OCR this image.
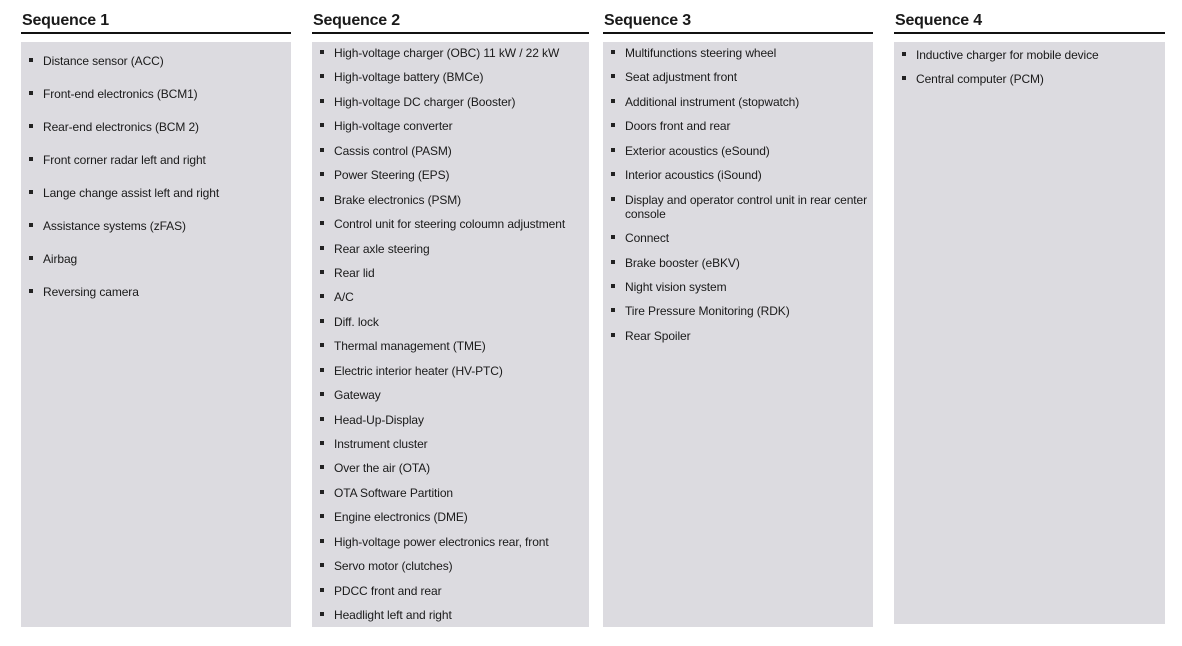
Sequence 1
Distance sensor (ACC)
Front-end electronics (BCM1)
Rear-end electronics (BCM 2)
Front corner radar left and right
Lange change assist left and right
Assistance systems (zFAS)
Airbag
Reversing camera
Sequence 2
High-voltage charger (OBC) 11 kW / 22 kW
High-voltage battery (BMCe)
High-voltage DC charger (Booster)
High-voltage converter
Cassis control (PASM)
Power Steering (EPS)
Brake electronics (PSM)
Control unit for steering coloumn adjustment
Rear axle steering
Rear lid
A/C
Diff. lock
Thermal management (TME)
Electric interior heater (HV-PTC)
Gateway
Head-Up-Display
Instrument cluster
Over the air (OTA)
OTA Software Partition
Engine electronics (DME)
High-voltage power electronics rear, front
Servo motor (clutches)
PDCC front and rear
Headlight left and right
Sequence 3
Multifunctions steering wheel
Seat adjustment front
Additional instrument (stopwatch)
Doors front and rear
Exterior acoustics (eSound)
Interior acoustics (iSound)
Display and operator control unit in rear center console
Connect
Brake booster (eBKV)
Night vision system
Tire Pressure Monitoring (RDK)
Rear Spoiler
Sequence 4
Inductive charger for mobile device
Central computer (PCM)
